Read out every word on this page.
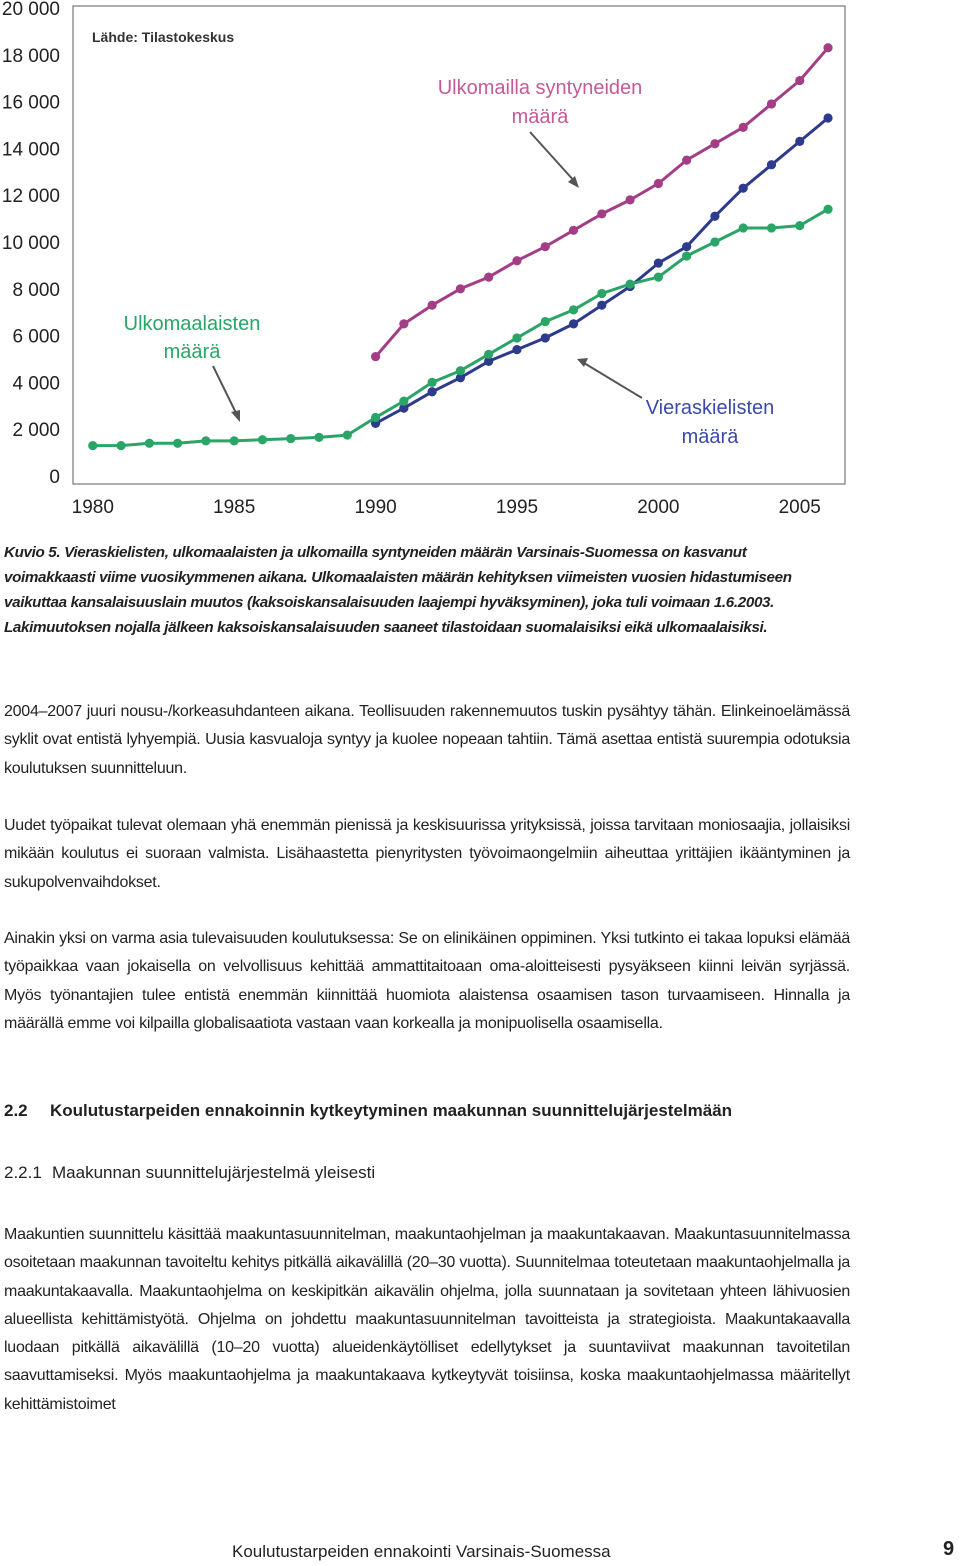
0
2 000
4 000
6 000
8 000
10 000
12 000
14 000
16 000
18 000
20 000
1980	1985	1990	1995	2000	2005
Lähde: Tilastokeskus
Ulkomailla syntyneiden
määrä
Ulkomaalaisten
määrä
Vieraskielisten
määrä

Kuvio 5. Vieraskielisten, ulkomaalaisten ja ulkomailla syntyneiden määrän Varsinais-Suomessa on kasvanut

voimakkaasti viime vuosikymmenen aikana. Ulkomaalaisten määrän kehityksen viimeisten vuosien hidastumiseen

vaikuttaa kansalaisuuslain muutos (kaksoiskansalaisuuden laajempi hyväksyminen), joka tuli voimaan 1.6.2003.

Lakimuutoksen nojalla jälkeen kaksoiskansalaisuuden saaneet tilastoidaan suomalaisiksi eikä ulkomaalaisiksi.

2004–2007 juuri nousu-/korkeasuhdanteen aikana. Teollisuuden rakennemuutos tuskin pysähtyy tähän. Elinkeinoelämässä syklit ovat entistä lyhyempiä. Uusia kasvualoja syntyy ja kuolee nopeaan tahtiin. Tämä asettaa entistä suurempia odotuksia koulutuksen suunnitteluun.

Uudet työpaikat tulevat olemaan yhä enemmän pienissä ja keskisuurissa yrityksissä, joissa tarvitaan moniosaajia, jollaisiksi mikään koulutus ei suoraan valmista. Lisähaastetta pienyritysten työvoimaongelmiin aiheuttaa yrittäjien ikääntyminen ja sukupolvenvaihdokset.

Ainakin yksi on varma asia tulevaisuuden koulutuksessa: Se on elinikäinen oppiminen. Yksi tutkinto ei takaa lopuksi elämää työpaikkaa vaan jokaisella on velvollisuus kehittää ammattitaitoaan oma-aloitteisesti pysyäkseen kiinni leivän syrjässä. Myös työnantajien tulee entistä enemmän kiinnittää huomiota alaistensa osaamisen tason turvaamiseen. Hinnalla ja määrällä emme voi kilpailla globalisaatiota vastaan vaan korkealla ja monipuolisella osaamisella.

2.2 Koulutustarpeiden ennakoinnin kytkeytyminen maakunnan suunnittelujärjestelmään
2.2.1 Maakunnan suunnittelujärjestelmä yleisesti

Maakuntien suunnittelu käsittää maakuntasuunnitelman, maakuntaohjelman ja maakuntakaavan. Maakuntasuunnitelmassa osoitetaan maakunnan tavoiteltu kehitys pitkällä aikavälillä (20–30 vuotta). Suunnitelmaa toteutetaan maakuntaohjelmalla ja maakuntakaavalla. Maakuntaohjelma on keskipitkän aikavälin ohjelma, jolla suunnataan ja sovitetaan yhteen lähivuosien alueellista kehittämistyötä. Ohjelma on johdettu maakuntasuunnitelman tavoitteista ja strategioista. Maakuntakaavalla luodaan pitkällä aikavälillä (10–20 vuotta) alueidenkäytölliset edellytykset ja suuntaviivat maakunnan tavoitetilan saavuttamiseksi. Myös maakuntaohjelma ja maakuntakaava kytkeytyvät toisiinsa, koska maakuntaohjelmassa määritellyt kehittämistoimet

Koulutustarpeiden ennakointi Varsinais-Suomessa	9
